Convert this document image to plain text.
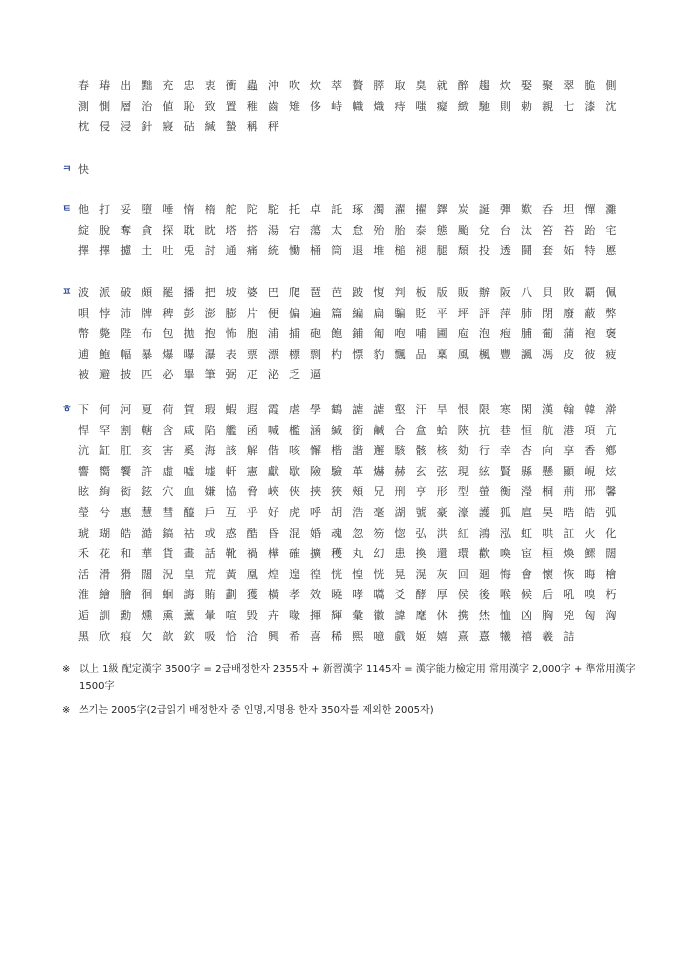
春 瑃 出 黜 充 忠 衷 衝 蟲 沖 吹 炊 萃 贅 膵 取 臭 就 醉 趨 炊 娶 聚 翠 脆 側 測 惻 層 治 値 恥 致 置 稚 齒 雉 侈 峙 幟 熾 痔 嗤 癡 緻 馳 則 勅 親 七 漆 沈 枕 侵 浸 針 寢 砧 緘 蟄 稱 秤
ㅋ 快
ㅌ 他 打 妥 墮 唾 惰 楕 舵 陀 駝 托 卓 託 琢 濁 濯 擢 鐸 炭 誕 彈 歎 呑 坦 憚 灘 綻 脫 奪 貪 探 耽 眈 塔 搭 湯 宕 蕩 太 怠 殆 胎 泰 態 颱 兌 台 汰 笞 苔 跆 宅 擇 擇 攄 土 吐 兎 討 通 痛 統 慟 桶 筒 退 堆 槌 褪 腿 頹 投 透 鬪 套 妬 特 慝
ㅍ 波 派 破 頗 罷 播 把 坡 婆 巴 爬 琶 芭 跛 愎 判 板 版 販 辦 阪 八 貝 敗 覇 佩 唄 悖 沛 牌 稗 彭 澎 膨 片 便 偏 遍 篇 編 扁 騙 貶 平 坪 評 萍 肺 閉 廢 蔽 弊 幣 斃 陛 布 包 拋 抱 怖 胞 浦 捕 砲 飽 鋪 匍 咆 哺 圃 庖 泡 疱 脯 葡 蒲 袍 褒 逋 鮑 幅 暴 爆 曝 瀑 表 票 漂 標 剽 杓 慓 豹 飄 品 稟 風 楓 豐 諷 馮 皮 彼 疲 被 避 披 匹 必 畢 筆 弼 疋 泌 乏 逼
ㅎ 下 何 河 夏 荷 賀 瑕 蝦 遐 霞 虐 學 鶴 謔 謔 壑 汗 旱 恨 限 寒 閑 漢 翰 韓 澣 悍 罕 割 轄 含 咸 陷 艦 函 喊 檻 涵 緘 銜 鹹 合 盒 蛤 陜 抗 巷 恒 航 港 項 亢 沆 缸 肛 亥 害 奚 海 該 解 偕 咳 懈 楷 諧 邂 駭 骸 核 劾 行 幸 杏 向 享 香 鄕 響 嚮 饗 許 虛 噓 墟 軒 憲 獻 歇 險 驗 革 爀 赫 玄 弦 現 絃 賢 縣 懸 顯 峴 炫 眩 絢 衒 鉉 穴 血 嫌 協 脅 峽 俠 挾 狹 頰 兄 刑 亨 形 型 螢 衡 瀅 桐 荊 邢 馨 瑩 兮 惠 慧 彗 醯 戶 互 乎 好 虎 呼 胡 浩 毫 湖 號 豪 濠 護 狐 扈 昊 晧 皓 弧 琥 瑚 皓 澔 鎬 祜 或 惑 酷 昏 混 婚 魂 忽 笏 惚 弘 洪 紅 鴻 泓 虹 哄 訌 火 化 禾 花 和 華 貨 畫 話 靴 禍 樺 確 擴 穫 丸 幻 患 換 還 環 歡 喚 宦 桓 煥 鰥 闊 活 滑 猾 闊 況 皇 荒 黃 凰 煌 遑 徨 恍 惶 恍 晃 滉 灰 回 廻 悔 會 懷 恢 晦 檜 淮 繪 膾 徊 蛔 誨 賄 劃 獲 橫 孝 效 曉 哮 嚆 爻 酵 厚 侯 後 喉 候 后 吼 嗅 朽 逅 訓 勳 燻 熏 薰 暈 喧 毁 卉 喙 揮 輝 彙 徽 諱 麾 休 携 烋 恤 凶 胸 兇 匈 洶 黑 欣 痕 欠 歆 欽 吸 恰 洽 興 希 喜 稀 熙 噫 戲 姬 嬉 熹 憙 犧 禧 羲 詰
※ 以上 1級 配定漢字 3500字 = 2급배정한자 2355자 + 新習漢字 1145자 = 漢字能力檢定用 常用漢字 2,000字 + 準常用漢字 1500字
※ 쓰기는 2005字(2급읽기 배정한자 중 인명,지명용 한자 350자를 제외한 2005자)
